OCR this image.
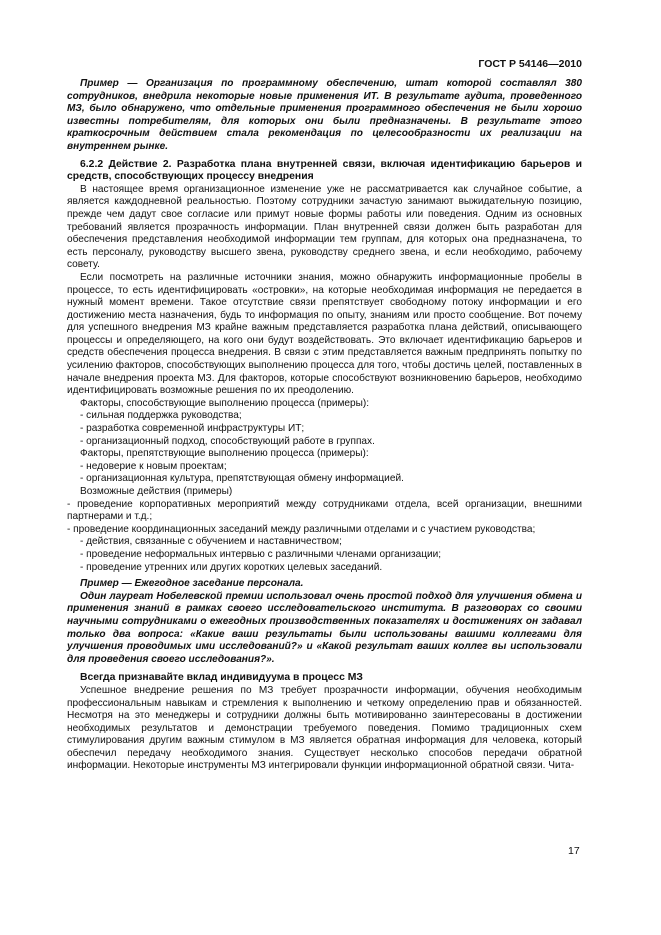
ГОСТ Р 54146—2010

Пример — Организация по программному обеспечению, штат которой составлял 380 сотрудников, внедрила некоторые новые применения ИТ. В результате аудита, проведенного МЗ, было обнаружено, что отдельные применения программного обеспечения не были хорошо известны потребителям, для которых они были предназначены. В результате этого краткосрочным действием стала рекомендация по целесообразности их реализации на внутреннем рынке.

6.2.2 Действие 2. Разработка плана внутренней связи, включая идентификацию барьеров и средств, способствующих процессу внедрения

В настоящее время организационное изменение уже не рассматривается как случайное событие, а является каждодневной реальностью. Поэтому сотрудники зачастую занимают выжидательную позицию, прежде чем дадут свое согласие или примут новые формы работы или поведения. Одним из основных требований является прозрачность информации. План внутренней связи должен быть разработан для обеспечения представления необходимой информации тем группам, для которых она предназначена, то есть персоналу, руководству высшего звена, руководству среднего звена, и если необходимо, рабочему совету.

Если посмотреть на различные источники знания, можно обнаружить информационные пробелы в процессе, то есть идентифицировать «островки», на которые необходимая информация не передается в нужный момент времени. Такое отсутствие связи препятствует свободному потоку информации и его достижению места назначения, будь то информация по опыту, знаниям или просто сообщение. Вот почему для успешного внедрения МЗ крайне важным представляется разработка плана действий, описывающего процессы и определяющего, на кого они будут воздействовать. Это включает идентификацию барьеров и средств обеспечения процесса внедрения. В связи с этим представляется важным предпринять попытку по усилению факторов, способствующих выполнению процесса для того, чтобы достичь целей, поставленных в начале внедрения проекта МЗ. Для факторов, которые способствуют возникновению барьеров, необходимо идентифицировать возможные решения по их преодолению.

Факторы, способствующие выполнению процесса (примеры):

- сильная поддержка руководства;

- разработка современной инфраструктуры ИТ;

- организационный подход, способствующий работе в группах.

Факторы, препятствующие выполнению процесса (примеры):

- недоверие к новым проектам;

- организационная культура, препятствующая обмену информацией.

Возможные действия (примеры)

- проведение корпоративных мероприятий между сотрудниками отдела, всей организации, внешними партнерами и т.д.;

- проведение координационных заседаний между различными отделами и с участием руководства;

- действия, связанные с обучением и наставничеством;

- проведение неформальных интервью с различными членами организации;

- проведение утренних или других коротких целевых заседаний.

Пример — Ежегодное заседание персонала.

Один лауреат Нобелевской премии использовал очень простой подход для улучшения обмена и применения знаний в рамках своего исследовательского института. В разговорах со своими научными сотрудниками о ежегодных производственных показателях и достижениях он задавал только два вопроса: «Какие ваши результаты были использованы вашими коллегами для улучшения проводимых ими исследований?» и «Какой результат ваших коллег вы использовали для проведения своего исследования?».

Всегда признавайте вклад индивидуума в процесс МЗ

Успешное внедрение решения по МЗ требует прозрачности информации, обучения необходимым профессиональным навыкам и стремления к выполнению и четкому определению прав и обязанностей. Несмотря на это менеджеры и сотрудники должны быть мотивированно заинтересованы в достижении необходимых результатов и демонстрации требуемого поведения. Помимо традиционных схем стимулирования другим важным стимулом в МЗ является обратная информация для человека, который обеспечил передачу необходимого знания. Существует несколько способов передачи обратной информации. Некоторые инструменты МЗ интегрировали функции информационной обратной связи. Чита-

17
